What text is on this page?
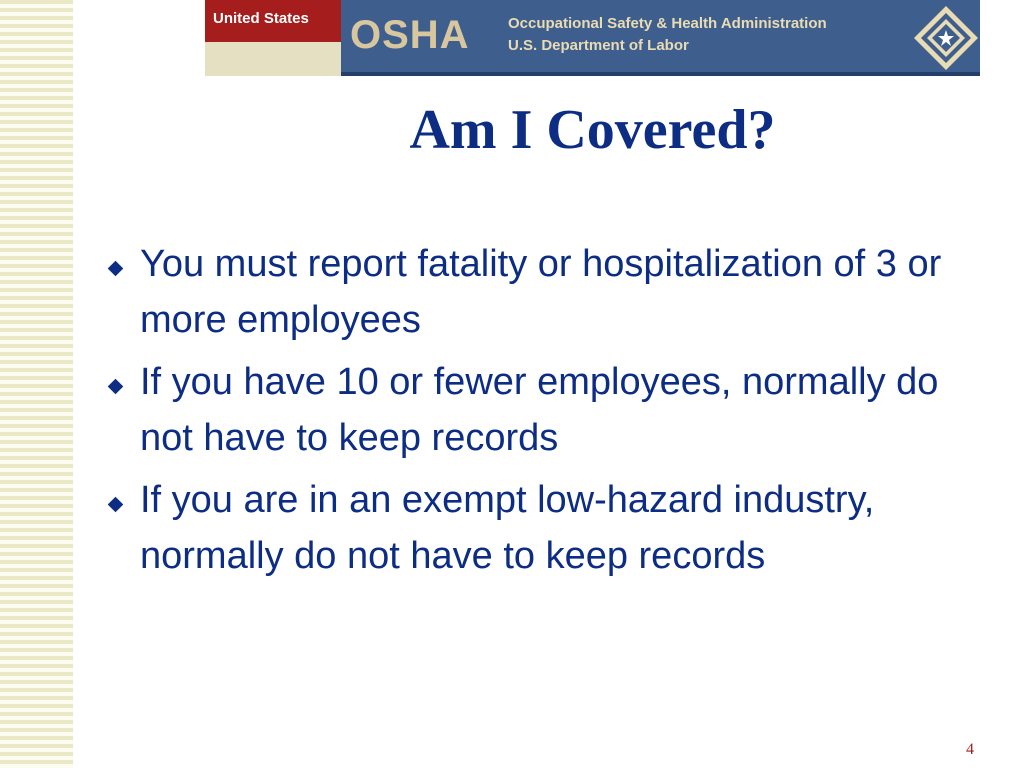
United States OSHA	Occupational Safety & Health Administration
U.S. Department of Labor
Am I Covered?
You must report fatality or hospitalization of 3 or more employees
If you have 10 or fewer employees, normally do not have to keep records
If you are in an exempt low-hazard industry, normally do not have to keep records
4
